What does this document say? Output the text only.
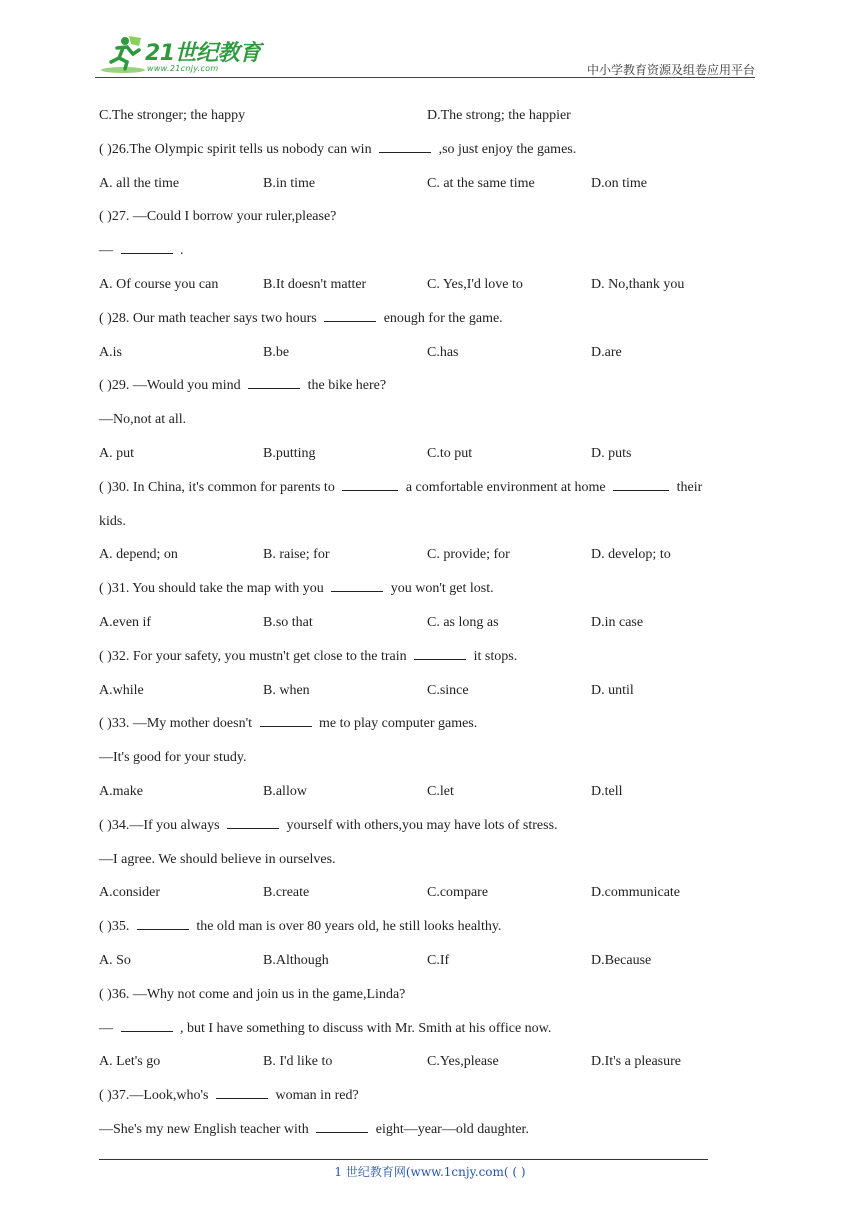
21世纪教育
www.21cnjy.com	中小学教育资源及组卷应用平台
C.The stronger; the happy	D.The strong; the happier
( )26.The Olympic spirit tells us nobody can win	,so just enjoy the games.
A. all the time	B.in time	C. at the same time	D.on time
( )27. —Could I borrow your ruler,please?
—	.
A. Of course you can	B.It doesn't matter	C. Yes,I'd love to	D. No,thank you
( )28. Our math teacher says two hours	enough for the game.
A.is	B.be	C.has	D.are
( )29. —Would you mind	the bike here?
—No,not at all.
A. put	B.putting	C.to put	D. puts
( )30. In China, it's common for parents to	a comfortable environment at home	their
kids.
A. depend; on	B. raise; for	C. provide; for	D. develop; to
( )31. You should take the map with you	you won't get lost.
A.even if	B.so that	C. as long as	D.in case
( )32. For your safety, you mustn't get close to the train	it stops.
A.while	B. when	C.since	D. until
( )33. —My mother doesn't	me to play computer games.
—It's good for your study.
A.make	B.allow	C.let	D.tell
( )34.—If you always	yourself with others,you may have lots of stress.
—I agree. We should believe in ourselves.
A.consider	B.create	C.compare	D.communicate
( )35.	the old man is over 80 years old, he still looks healthy.
A. So	B.Although	C.If	D.Because
( )36. —Why not come and join us in the game,Linda?
—	, but I have something to discuss with Mr. Smith at his office now.
A. Let's go	B. I'd like to	C.Yes,please	D.It's a pleasure
( )37.—Look,who's	woman in red?
—She's my new English teacher with	eight—year—old daughter.
1 世纪教育网(www.1cnjy.com( ( )
